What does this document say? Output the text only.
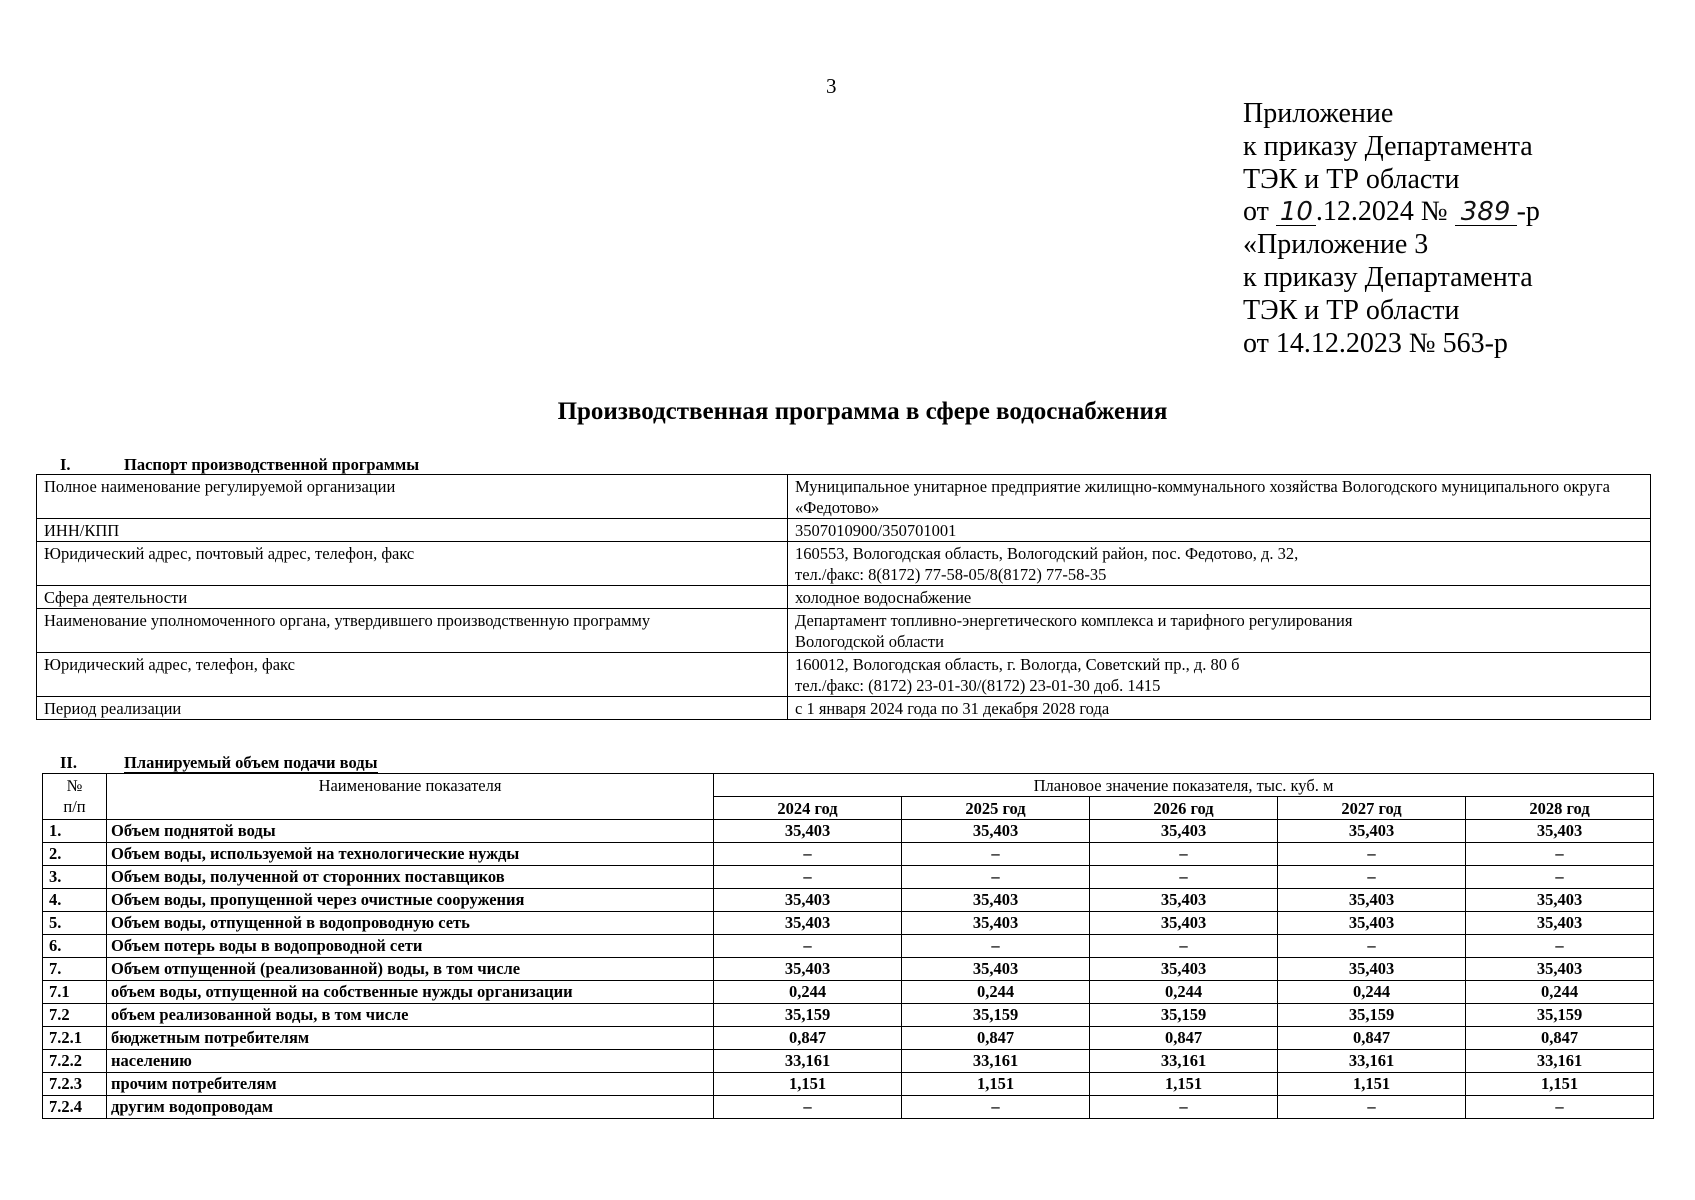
3
Приложение
к приказу Департамента
ТЭК и ТР области
от 10 .12.2024 № 389 -р
«Приложение 3
к приказу Департамента
ТЭК и ТР области
от 14.12.2023 № 563-р
Производственная программа в сфере водоснабжения
I.	Паспорт производственной программы
Полное наименование регулируемой организации	Муниципальное унитарное предприятие жилищно-коммунального хозяйства Вологодского муниципального округа «Федотово»

ИНН/КПП	3507010900/350701001

Юридический адрес, почтовый адрес, телефон, факс	160553, Вологодская область, Вологодский район, пос. Федотово, д. 32,
тел./факс: 8(8172) 77-58-05/8(8172) 77-58-35

Сфера деятельности	холодное водоснабжение

Наименование уполномоченного органа, утвердившего производственную программу	Департамент топливно-энергетического комплекса и тарифного регулирования
Вологодской области

Юридический адрес, телефон, факс	160012, Вологодская область, г. Вологда, Советский пр., д. 80 б
тел./факс: (8172) 23-01-30/(8172) 23-01-30 доб. 1415

Период реализации	с 1 января 2024 года по 31 декабря 2028 года
II.	Планируемый объем подачи воды
№
п/п	Наименование показателя	Плановое значение показателя, тыс. куб. м				
		2024 год	2025 год	2026 год	2027 год	2028 год
1.	Объем поднятой воды	35,403	35,403	35,403	35,403	35,403
2.	Объем воды, используемой на технологические нужды	–	–	–	–	–
3.	Объем воды, полученной от сторонних поставщиков	–	–	–	–	–
4.	Объем воды, пропущенной через очистные сооружения	35,403	35,403	35,403	35,403	35,403
5.	Объем воды, отпущенной в водопроводную сеть	35,403	35,403	35,403	35,403	35,403
6.	Объем потерь воды в водопроводной сети	–	–	–	–	–
7.	Объем отпущенной (реализованной) воды, в том числе	35,403	35,403	35,403	35,403	35,403
7.1	объем воды, отпущенной на собственные нужды организации	0,244	0,244	0,244	0,244	0,244
7.2	объем реализованной воды, в том числе	35,159	35,159	35,159	35,159	35,159
7.2.1	бюджетным потребителям	0,847	0,847	0,847	0,847	0,847
7.2.2	населению	33,161	33,161	33,161	33,161	33,161
7.2.3	прочим потребителям	1,151	1,151	1,151	1,151	1,151
7.2.4	другим водопроводам	–	–	–	–	–
